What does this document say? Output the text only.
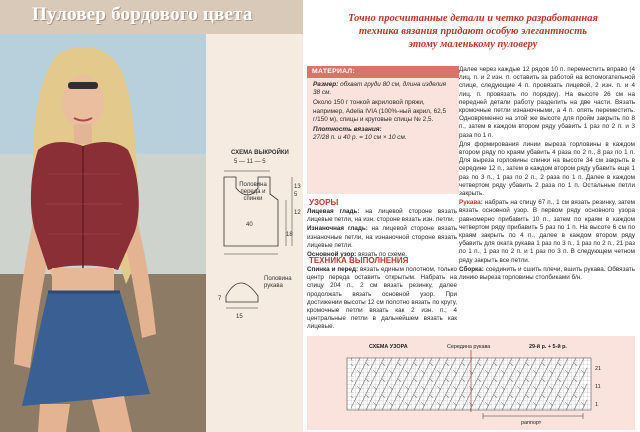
Пуловер бордового цвета
СХЕМА ВЫКРОЙКИ
5 — 11 — 5
Половина переда и спинки
40
13
5
12
18
7
15
Половина рукава
Точно просчитанные детали и четко разработанная
техника вязания придают особую элегантность
этому маленькому пуловеру
МАТЕРИАЛ:

Размер: обхват груди 80 см, длина изделия 38 см.

Около 150 г тонкой акриловой пряжи, например, Adelia IVIA (100%-ный акрил, 62,5 г/150 м), спицы и круговые спицы № 2,5.

Плотность вязания:
27/28 п. и 40 р. = 10 см × 10 см.

УЗОРЫ

Лицевая гладь: на лицевой стороне вязать лицевые петли, на изн. стороне вязать изн. петли.

Изнаночная гладь: на лицевой стороне вязать изнаночные петли, на изнаночной стороне вязать лицевые петли.

Основной узор: вязать по схеме.

ТЕХНИКА ВЫПОЛНЕНИЯ

Спинка и перед: вязать единым полотном, только центр переда оставить открытым. Набрать на спицу 204 п., 2 см вязать резинку, далее продолжать вязать основной узор. При достижении высоты 12 см полотно вязать по кругу, кромочные петли вязать как 2 изн. п.; 4 центральные петли в дальнейшем вязать как лицевые.

Далее через каждые 12 рядов 10 п. переместить вправо (4 лиц. п. и 2 изн. п. оставить за работой на вспомогательной спице, следующие 4 п. провязать лицевой, 2 изн. п. и 4 лиц. п. провязать по порядку). На высоте 26 см на передней детали работу разделить на две части. Вязать кромочные петли изнаночными, а 4 п. опять переместить. Одновременно на этой же высоте для пройм закрыть по 8 п., затем в каждом втором ряду убавить 1 раз по 2 п. и 3 раза по 1 п.

Для формирования линии выреза горловины в каждом втором ряду по краям убавить 4 раза по 2 п., 8 раз по 1 п. Для выреза горловины спинки на высоте 34 см закрыть в середине 12 п., затем в каждом втором ряду убавить еще 1 раз по 3 п., 1 раз по 2 п., 2 раза по 1 п. Далее в каждом четвертом ряду убавить 2 раза по 1 п. Остальные петли закрыть.

Рукава: набрать на спицу 67 п., 1 см вязать резинку, затем вязать основной узор. В первом ряду основного узора равномерно прибавить 10 п., затем по краям в каждом четвертом ряду прибавить 5 раз по 1 п. На высоте 6 см по краям закрыть по 4 п., далее в каждом втором ряду убавить для оката рукава 1 раз по 3 п., 1 раз по 2 п., 21 раз по 1 п., 1 раз по 2 п. и 1 раз по 3 п. В следующем четном ряду закрыть все петли.

Сборка: соединить и сшить плечи, вшить рукава. Обвязать линию выреза горловины столбиками б/н.

СХЕМА УЗОРА	Середина рукава	29-й р. + 5-й р.
21
11
1
раппорт
